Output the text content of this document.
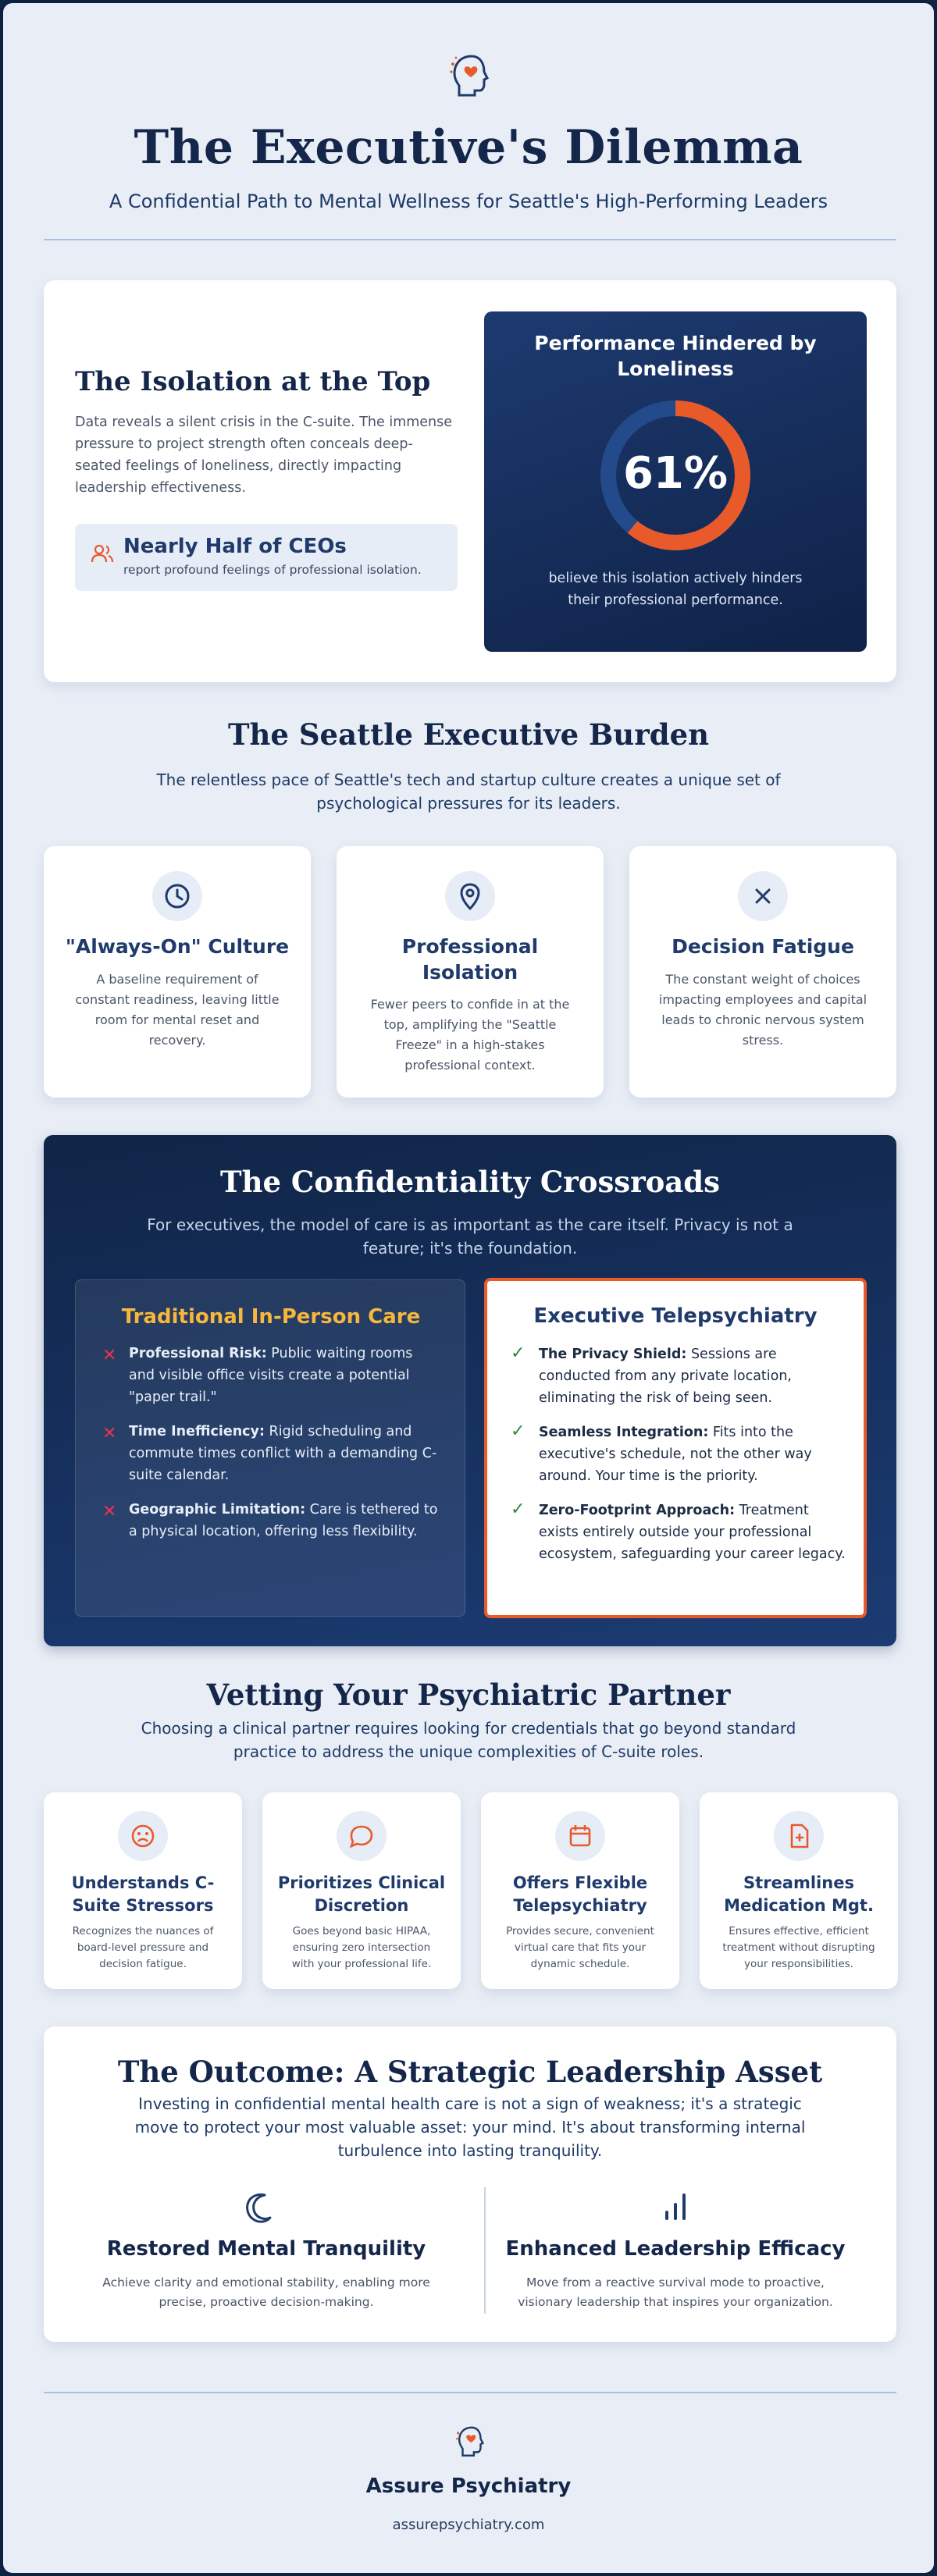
The Executive's Dilemma
A Confidential Path to Mental Wellness for Seattle's High-Performing Leaders
The Isolation at the Top
Data reveals a silent crisis in the C-suite. The immense pressure to project strength often conceals deep-seated feelings of loneliness, directly impacting leadership effectiveness.
Nearly Half of CEOs
report profound feelings of professional isolation.
Performance Hindered by Loneliness
61%
believe this isolation actively hinders their professional performance.
The Seattle Executive Burden
The relentless pace of Seattle's tech and startup culture creates a unique set of psychological pressures for its leaders.
"Always-On" Culture
A baseline requirement of constant readiness, leaving little room for mental reset and recovery.
Professional Isolation
Fewer peers to confide in at the top, amplifying the "Seattle Freeze" in a high-stakes professional context.
Decision Fatigue
The constant weight of choices impacting employees and capital leads to chronic nervous system stress.
The Confidentiality Crossroads
For executives, the model of care is as important as the care itself. Privacy is not a feature; it's the foundation.
Traditional In-Person Care
✕ Professional Risk: Public waiting rooms and visible office visits create a potential "paper trail."
✕ Time Inefficiency: Rigid scheduling and commute times conflict with a demanding C-suite calendar.
✕ Geographic Limitation: Care is tethered to a physical location, offering less flexibility.
Executive Telepsychiatry
✓ The Privacy Shield: Sessions are conducted from any private location, eliminating the risk of being seen.
✓ Seamless Integration: Fits into the executive's schedule, not the other way around. Your time is the priority.
✓ Zero-Footprint Approach: Treatment exists entirely outside your professional ecosystem, safeguarding your career legacy.
Vetting Your Psychiatric Partner
Choosing a clinical partner requires looking for credentials that go beyond standard practice to address the unique complexities of C-suite roles.
Understands C-Suite Stressors
Recognizes the nuances of board-level pressure and decision fatigue.
Prioritizes Clinical Discretion
Goes beyond basic HIPAA, ensuring zero intersection with your professional life.
Offers Flexible Telepsychiatry
Provides secure, convenient virtual care that fits your dynamic schedule.
Streamlines Medication Mgt.
Ensures effective, efficient treatment without disrupting your responsibilities.
The Outcome: A Strategic Leadership Asset
Investing in confidential mental health care is not a sign of weakness; it's a strategic move to protect your most valuable asset: your mind. It's about transforming internal turbulence into lasting tranquility.
Restored Mental Tranquility
Achieve clarity and emotional stability, enabling more precise, proactive decision-making.
Enhanced Leadership Efficacy
Move from a reactive survival mode to proactive, visionary leadership that inspires your organization.
Assure Psychiatry
assurepsychiatry.com
